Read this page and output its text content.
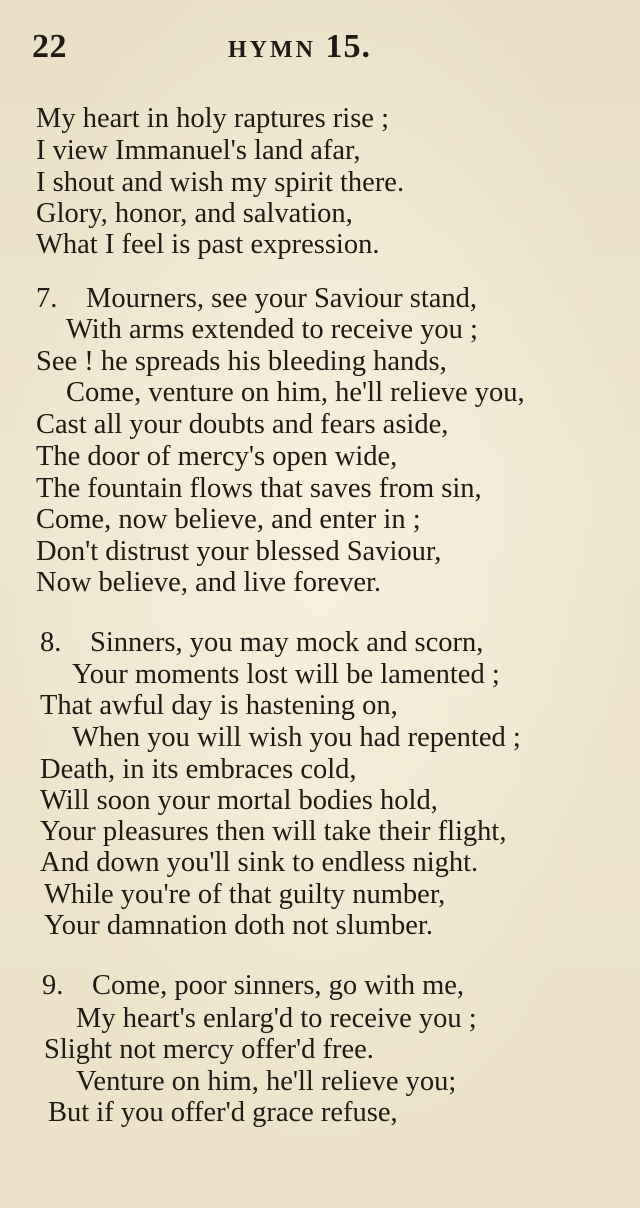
22	HYMN 15.
My heart in holy raptures rise ;
I view Immanuel's land afar,
I shout and wish my spirit there.
Glory, honor, and salvation,
What I feel is past expression.
7. Mourners, see your Saviour stand,
With arms extended to receive you ;
See ! he spreads his bleeding hands,
Come, venture on him, he'll relieve you,
Cast all your doubts and fears aside,
The door of mercy's open wide,
The fountain flows that saves from sin,
Come, now believe, and enter in ;
Don't distrust your blessed Saviour,
Now believe, and live forever.
8. Sinners, you may mock and scorn,
Your moments lost will be lamented ;
That awful day is hastening on,
When you will wish you had repented ;
Death, in its embraces cold,
Will soon your mortal bodies hold,
Your pleasures then will take their flight,
And down you'll sink to endless night.
While you're of that guilty number,
Your damnation doth not slumber.
9. Come, poor sinners, go with me,
My heart's enlarg'd to receive you ;
Slight not mercy offer'd free.
Venture on him, he'll relieve you;
But if you offer'd grace refuse,
